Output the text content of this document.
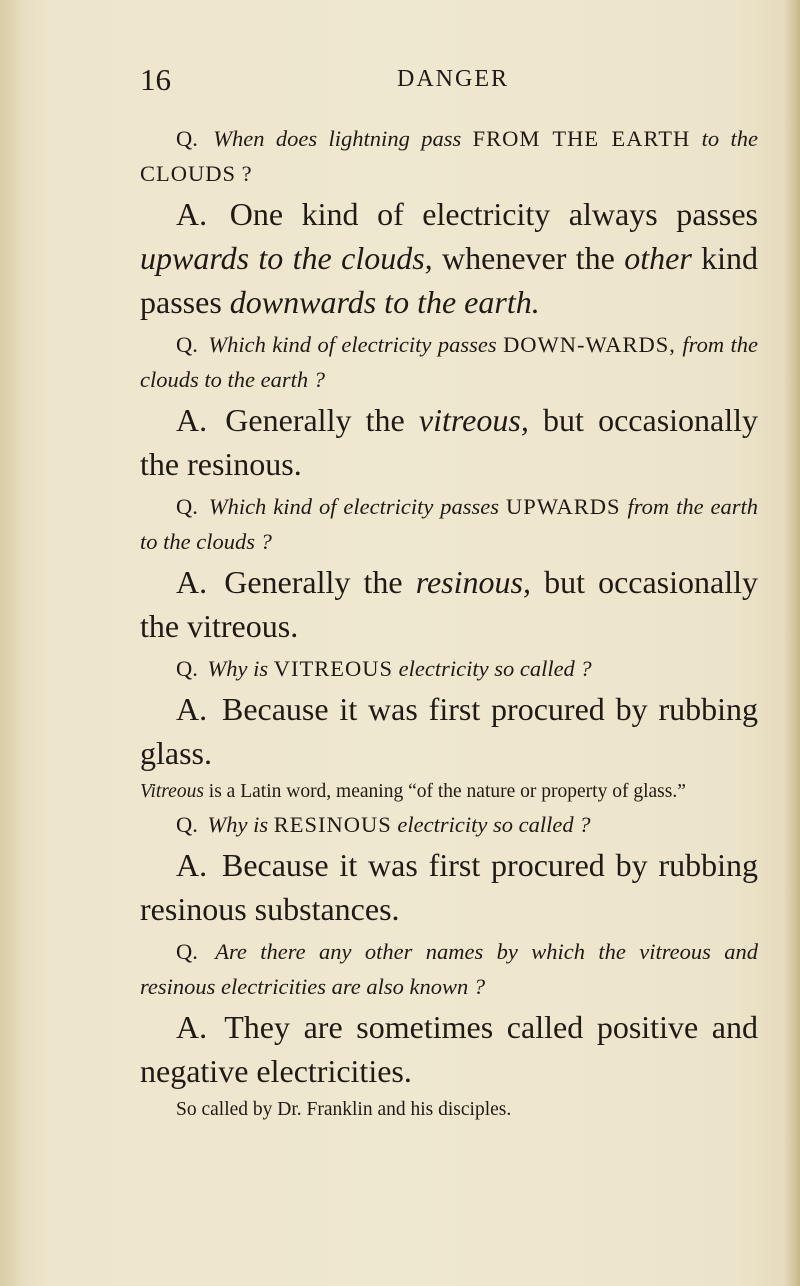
16	DANGER

Q. When does lightning pass FROM THE EARTH to the CLOUDS ?

A. One kind of electricity always passes upwards to the clouds, whenever the other kind passes downwards to the earth.

Q. Which kind of electricity passes DOWN-WARDS, from the clouds to the earth ?

A. Generally the vitreous, but occasionally the resinous.

Q. Which kind of electricity passes UPWARDS from the earth to the clouds ?

A. Generally the resinous, but occasionally the vitreous.

Q. Why is VITREOUS electricity so called ?

A. Because it was first procured by rubbing glass.

Vitreous is a Latin word, meaning “of the nature or property of glass.”

Q. Why is RESINOUS electricity so called ?

A. Because it was first procured by rubbing resinous substances.

Q. Are there any other names by which the vitreous and resinous electricities are also known ?

A. They are sometimes called positive and negative electricities.

So called by Dr. Franklin and his disciples.
